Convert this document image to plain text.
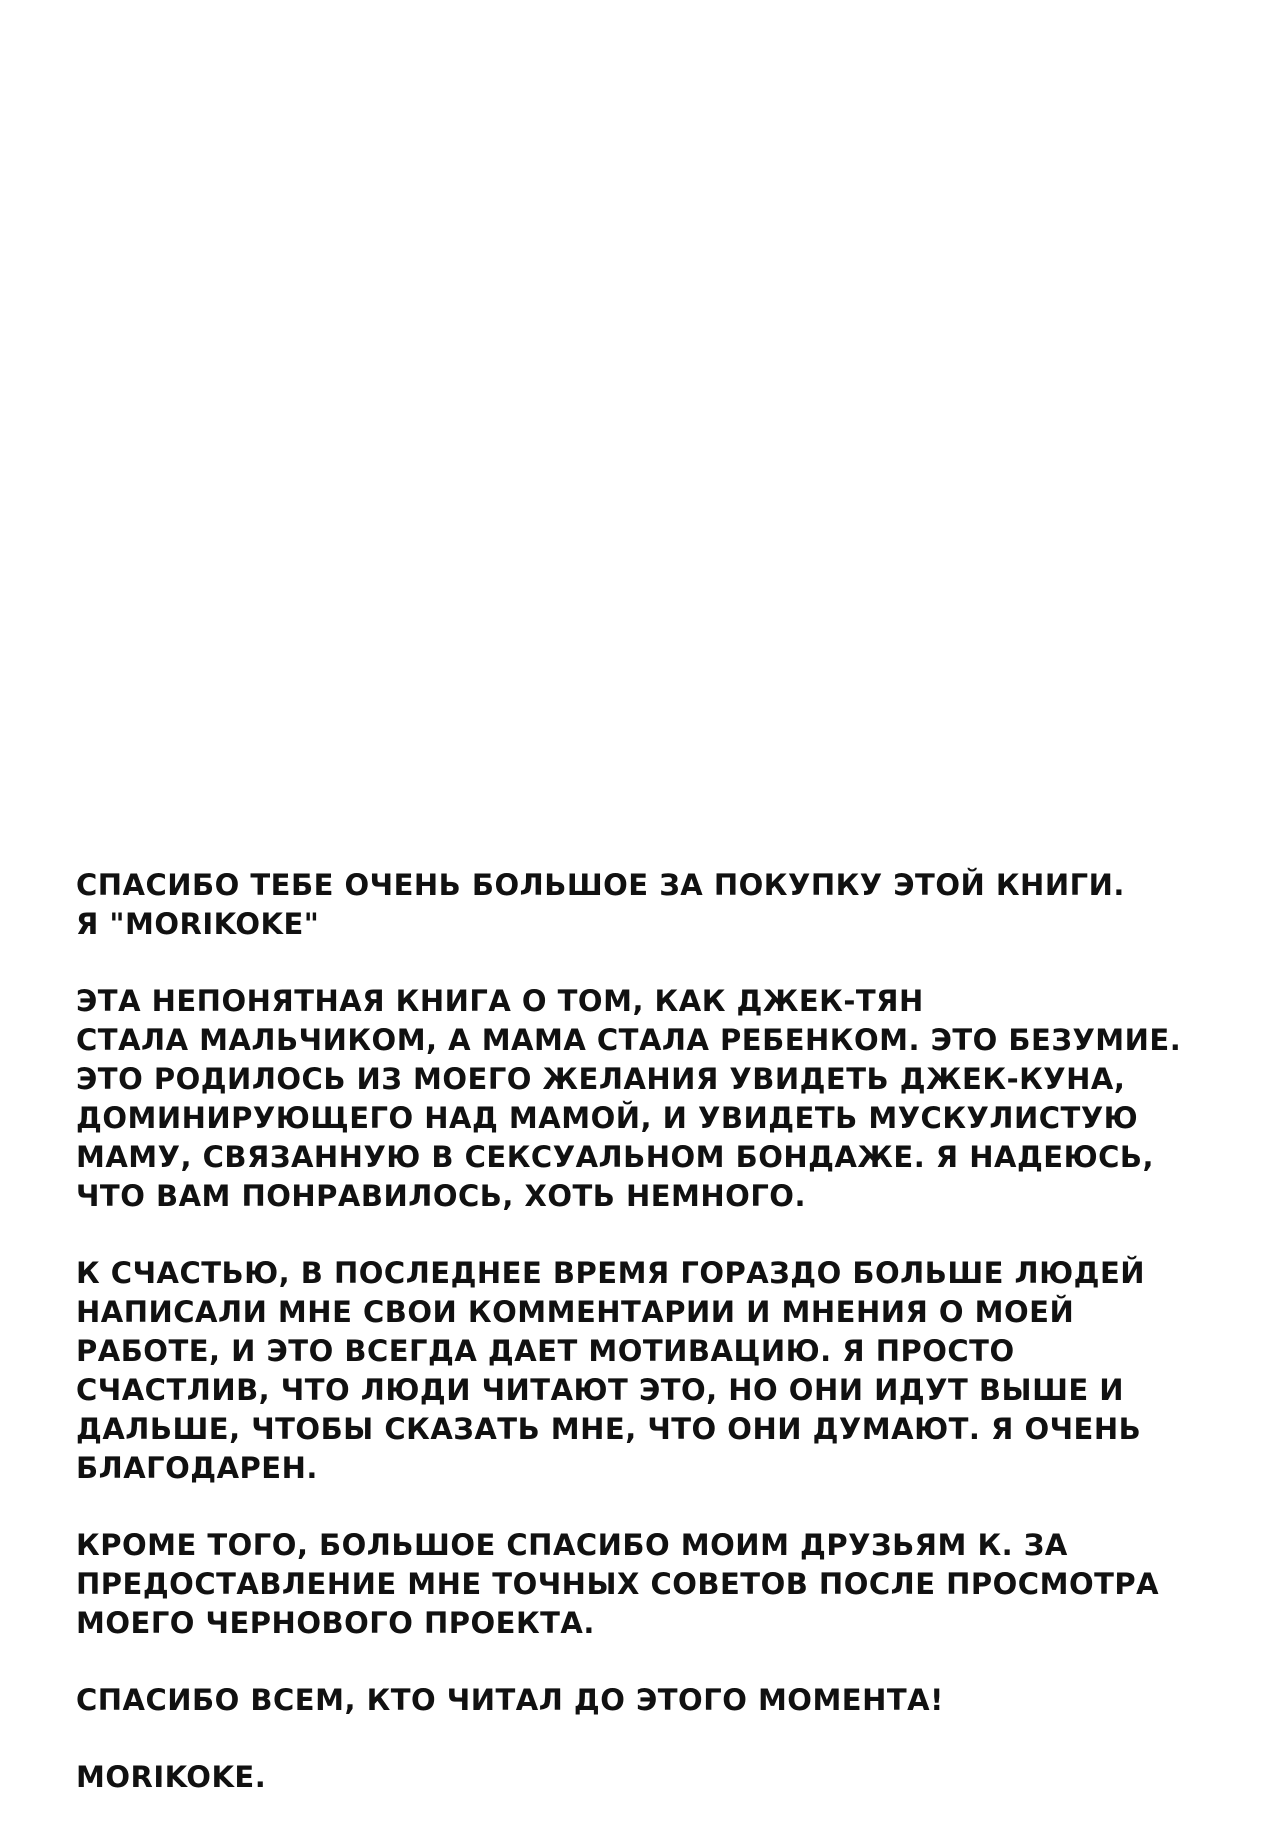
СПАСИБО ТЕБЕ ОЧЕНЬ БОЛЬШОЕ ЗА ПОКУПКУ ЭТОЙ КНИГИ.
Я "MORIKOKE"
ЭТА НЕПОНЯТНАЯ КНИГА О ТОМ, КАК ДЖЕК-ТЯН
СТАЛА МАЛЬЧИКОМ, А МАМА СТАЛА РЕБЕНКОМ. ЭТО БЕЗУМИЕ.
ЭТО РОДИЛОСЬ ИЗ МОЕГО ЖЕЛАНИЯ УВИДЕТЬ ДЖЕК-КУНА,
ДОМИНИРУЮЩЕГО НАД МАМОЙ, И УВИДЕТЬ МУСКУЛИСТУЮ
МАМУ, СВЯЗАННУЮ В СЕКСУАЛЬНОМ БОНДАЖЕ. Я НАДЕЮСЬ,
ЧТО ВАМ ПОНРАВИЛОСЬ, ХОТЬ НЕМНОГО.
К СЧАСТЬЮ, В ПОСЛЕДНЕЕ ВРЕМЯ ГОРАЗДО БОЛЬШЕ ЛЮДЕЙ
НАПИСАЛИ МНЕ СВОИ КОММЕНТАРИИ И МНЕНИЯ О МОЕЙ
РАБОТЕ, И ЭТО ВСЕГДА ДАЕТ МОТИВАЦИЮ. Я ПРОСТО
СЧАСТЛИВ, ЧТО ЛЮДИ ЧИТАЮТ ЭТО, НО ОНИ ИДУТ ВЫШЕ И
ДАЛЬШЕ, ЧТОБЫ СКАЗАТЬ МНЕ, ЧТО ОНИ ДУМАЮТ. Я ОЧЕНЬ
БЛАГОДАРЕН.
КРОМЕ ТОГО, БОЛЬШОЕ СПАСИБО МОИМ ДРУЗЬЯМ К. ЗА
ПРЕДОСТАВЛЕНИЕ МНЕ ТОЧНЫХ СОВЕТОВ ПОСЛЕ ПРОСМОТРА
МОЕГО ЧЕРНОВОГО ПРОЕКТА.
СПАСИБО ВСЕМ, КТО ЧИТАЛ ДО ЭТОГО МОМЕНТА!
MORIKOKE.
